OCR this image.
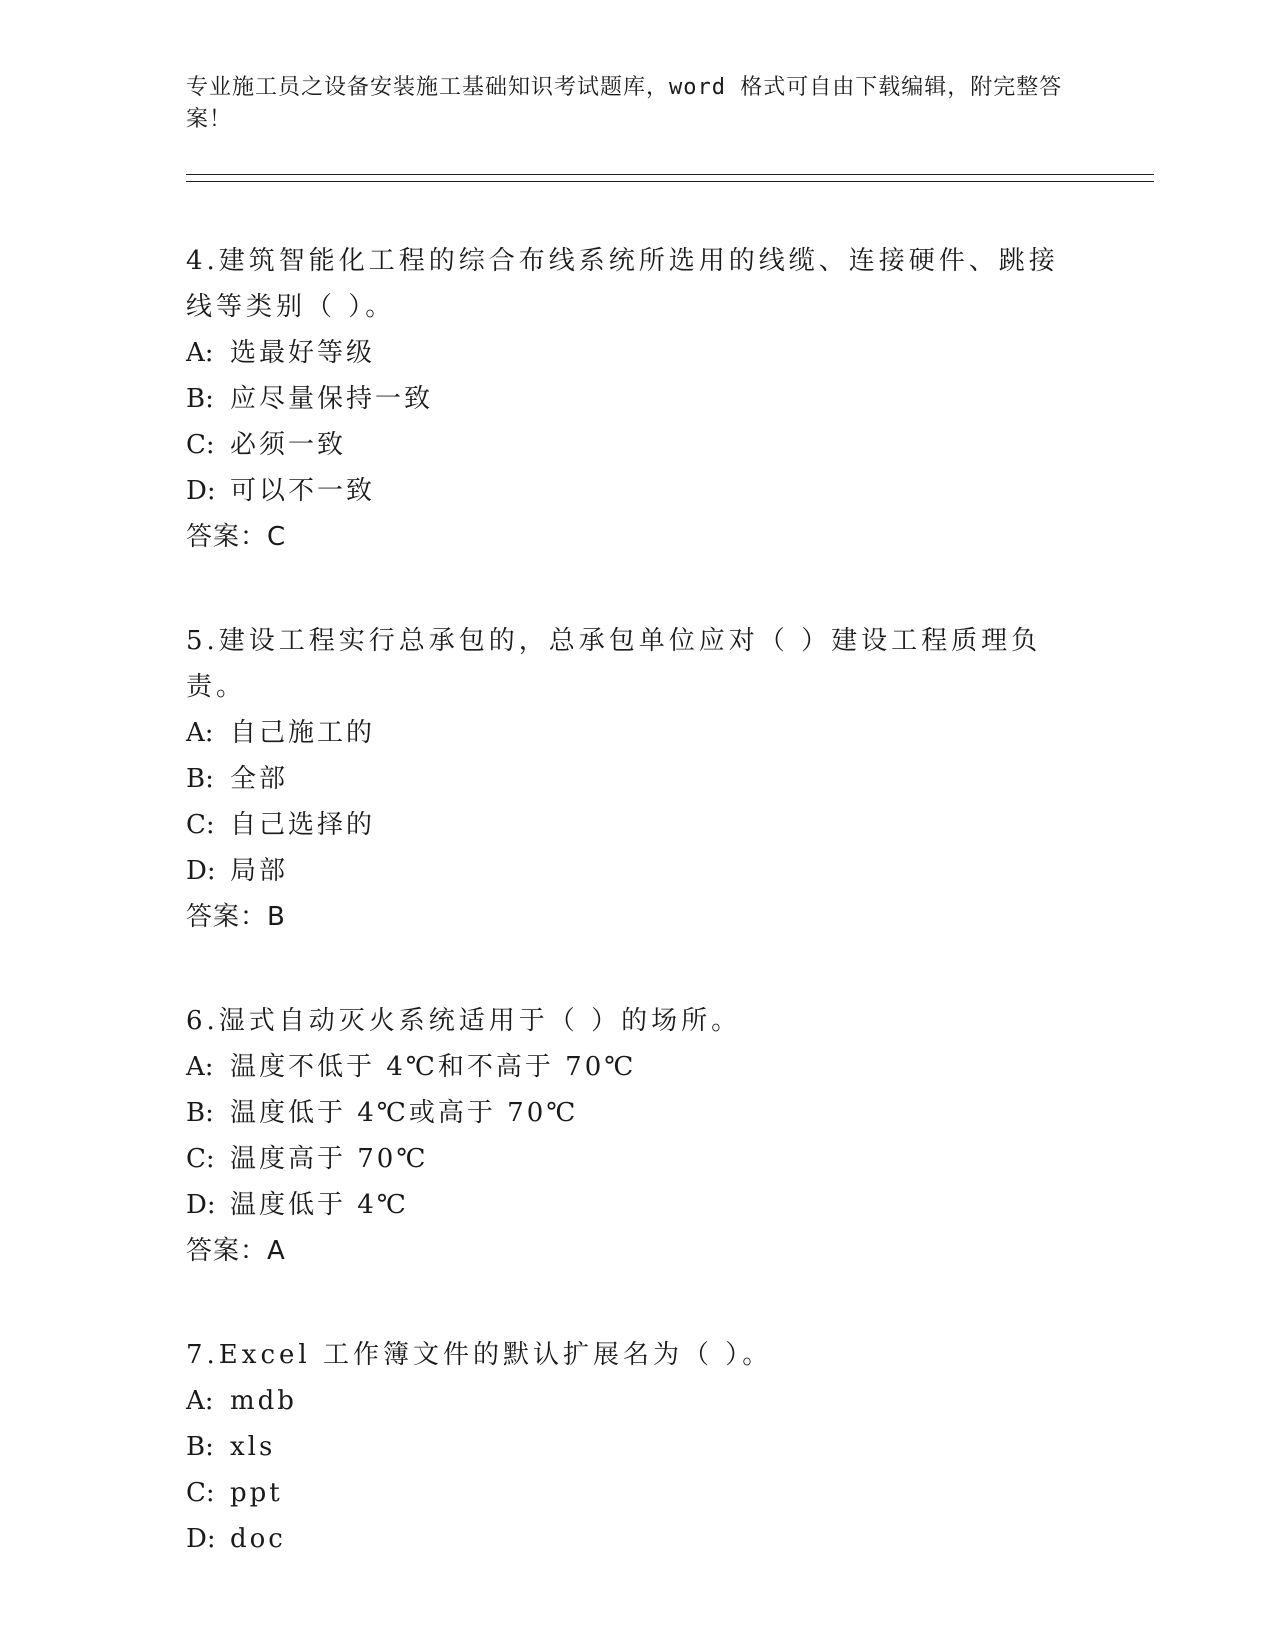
专业施工员之设备安装施工基础知识考试题库，word 格式可自由下载编辑，附完整答案！
4.建筑智能化工程的综合布线系统所选用的线缆、连接硬件、跳接线等类别（ ）。
A: 选最好等级
B: 应尽量保持一致
C: 必须一致
D: 可以不一致
答案：C
5.建设工程实行总承包的，总承包单位应对（ ）建设工程质理负责。
A: 自己施工的
B: 全部
C: 自己选择的
D: 局部
答案：B
6.湿式自动灭火系统适用于（ ）的场所。
A: 温度不低于 4℃和不高于 70℃
B: 温度低于 4℃或高于 70℃
C: 温度高于 70℃
D: 温度低于 4℃
答案：A
7.Excel 工作簿文件的默认扩展名为（ ）。
A: mdb
B: xls
C: ppt
D: doc
